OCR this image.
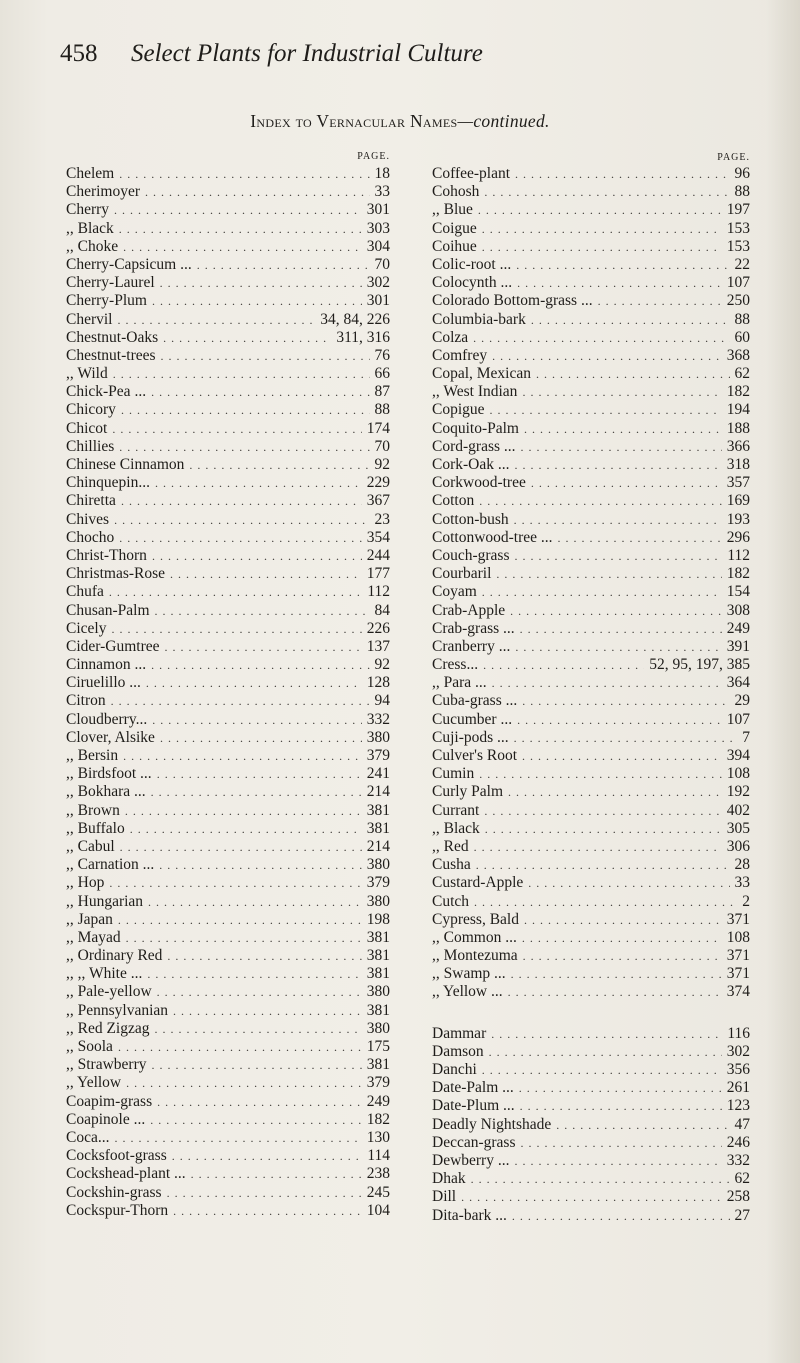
458 Select Plants for Industrial Culture
Index to Vernacular Names—continued.
PAGE.
Chelem . . .	18
Cherimoyer . . .	33
Cherry . . .	301
,, Black . . .	303
,, Choke . . .	304
Cherry-Capsicum ... . . .	70
Cherry-Laurel . . .	302
Cherry-Plum . . .	301
Chervil . . .	34, 84, 226
Chestnut-Oaks . . .	311, 316
Chestnut-trees . . .	76
,, Wild . . .	66
Chick-Pea ... . . .	87
Chicory . . .	88
Chicot . . .	174
Chillies . . .	70
Chinese Cinnamon . . .	92
Chinquepin... . . .	229
Chiretta . . .	367
Chives . . .	23
Chocho . . .	354
Christ-Thorn . . .	244
Christmas-Rose . . .	177
Chufa . . .	112
Chusan-Palm . . .	84
Cicely . . .	226
Cider-Gumtree . . .	137
Cinnamon ... . . .	92
Ciruelillo ... . . .	128
Citron . . .	94
Cloudberry... . . .	332
Clover, Alsike . . .	380
,, Bersin . . .	379
,, Birdsfoot ... . . .	241
,, Bokhara ... . . .	214
,, Brown . . .	381
,, Buffalo . . .	381
,, Cabul . . .	214
,, Carnation ... . . .	380
,, Hop . . .	379
,, Hungarian . . .	380
,, Japan . . .	198
,, Mayad . . .	381
,, Ordinary Red . . .	381
,, ,, White ... . . .	381
,, Pale-yellow . . .	380
,, Pennsylvanian . . .	381
,, Red Zigzag . . .	380
,, Soola . . .	175
,, Strawberry . . .	381
,, Yellow . . .	379
Coapim-grass . . .	249
Coapinole ... . . .	182
Coca... . . .	130
Cocksfoot-grass . . .	114
Cockshead-plant ... . . .	238
Cockshin-grass . . .	245
Cockspur-Thorn . . .	104
PAGE.
Coffee-plant . . .	96
Cohosh . . .	88
,, Blue . . .	197
Coigue . . .	153
Coihue . . .	153
Colic-root ... . . .	22
Colocynth ... . . .	107
Colorado Bottom-grass ... . . .	250
Columbia-bark . . .	88
Colza . . .	60
Comfrey . . .	368
Copal, Mexican . . .	62
,, West Indian . . .	182
Copigue . . .	194
Coquito-Palm . . .	188
Cord-grass ... . . .	366
Cork-Oak ... . . .	318
Corkwood-tree . . .	357
Cotton . . .	169
Cotton-bush . . .	193
Cottonwood-tree ... . . .	296
Couch-grass . . .	112
Courbaril . . .	182
Coyam . . .	154
Crab-Apple . . .	308
Crab-grass ... . . .	249
Cranberry ... . . .	391
Cress... . . .	52, 95, 197, 385
,, Para ... . . .	364
Cuba-grass ... . . .	29
Cucumber ... . . .	107
Cuji-pods ... . . .	7
Culver's Root . . .	394
Cumin . . .	108
Curly Palm . . .	192
Currant . . .	402
,, Black . . .	305
,, Red . . .	306
Cusha . . .	28
Custard-Apple . . .	33
Cutch . . .	2
Cypress, Bald . . .	371
,, Common ... . . .	108
,, Montezuma . . .	371
,, Swamp ... . . .	371
,, Yellow ... . . .	374
Dammar . . .	116
Damson . . .	302
Danchi . . .	356
Date-Palm ... . . .	261
Date-Plum ... . . .	123
Deadly Nightshade . . .	47
Deccan-grass . . .	246
Dewberry ... . . .	332
Dhak . . .	62
Dill . . .	258
Dita-bark ... . . .	27
